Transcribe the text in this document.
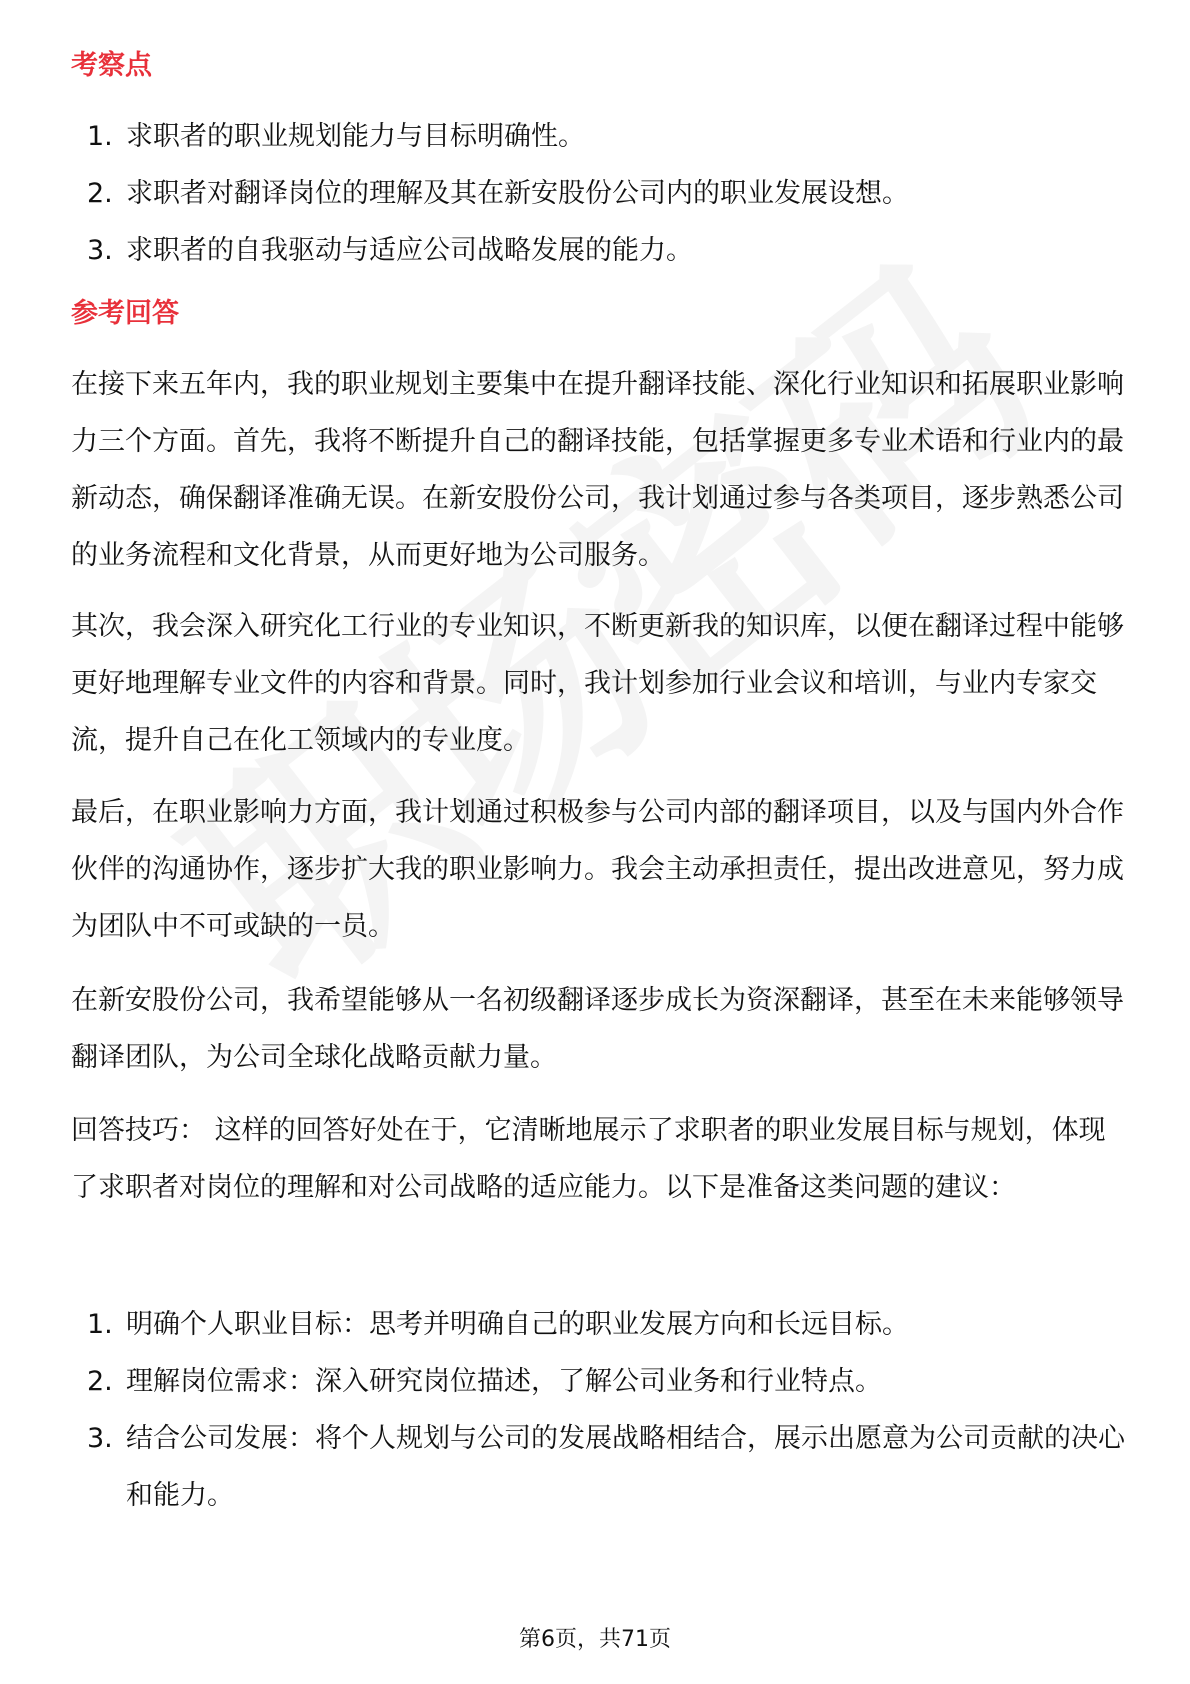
考察点
1. 求职者的职业规划能力与目标明确性。
2. 求职者对翻译岗位的理解及其在新安股份公司内的职业发展设想。
3. 求职者的自我驱动与适应公司战略发展的能力。
参考回答

在接下来五年内，我的职业规划主要集中在提升翻译技能、深化行业知识和拓展职业影响力三个方面。首先，我将不断提升自己的翻译技能，包括掌握更多专业术语和行业内的最新动态，确保翻译准确无误。在新安股份公司，我计划通过参与各类项目，逐步熟悉公司的业务流程和文化背景，从而更好地为公司服务。

其次，我会深入研究化工行业的专业知识，不断更新我的知识库，以便在翻译过程中能够更好地理解专业文件的内容和背景。同时，我计划参加行业会议和培训，与业内专家交流，提升自己在化工领域内的专业度。

最后，在职业影响力方面，我计划通过积极参与公司内部的翻译项目，以及与国内外合作伙伴的沟通协作，逐步扩大我的职业影响力。我会主动承担责任，提出改进意见，努力成为团队中不可或缺的一员。

在新安股份公司，我希望能够从一名初级翻译逐步成长为资深翻译，甚至在未来能够领导翻译团队，为公司全球化战略贡献力量。

回答技巧： 这样的回答好处在于，它清晰地展示了求职者的职业发展目标与规划，体现了求职者对岗位的理解和对公司战略的适应能力。以下是准备这类问题的建议：

1. 明确个人职业目标：思考并明确自己的职业发展方向和长远目标。
2. 理解岗位需求：深入研究岗位描述，了解公司业务和行业特点。
3. 结合公司发展：将个人规划与公司的发展战略相结合，展示出愿意为公司贡献的决心和能力。
第6页，共71页
